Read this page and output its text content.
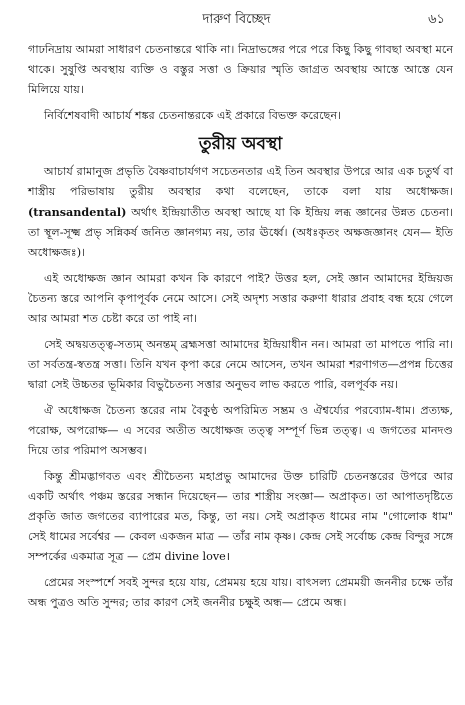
দারুণ বিচ্ছেদ	৬১

গাঢনিদ্রায় আমরা সাধারণ চেতনান্তরে থাকি না। নিদ্রাভঙ্গের পরে পরে কিছু কিছু গাবছা অবস্থা মনে থাকে। সুষুপ্তি অবস্থায় ব্যক্তি ও বস্তুর সত্তা ও ক্রিয়ার স্মৃতি জাগ্রত অবস্থায় আস্তে আস্তে যেন মিলিয়ে যায়।

নির্বিশেষবাদী আচার্য শঙ্কর চেতনান্তরকে এই প্রকারে বিভক্ত করেছেন।

তুরীয় অবস্থা

আচার্য রামানুজ প্রভৃতি বৈষ্ণবাচার্যগণ সচেতনতার এই তিন অবস্থার উপরে আর এক চতুর্থ বা শাস্ত্রীয় পরিভাষায় তুরীয় অবস্থার কথা বলেছেন, তাকে বলা যায় অধোক্ষজ। (transandental) অর্থাৎ ইন্দ্রিয়াতীত অবস্থা আছে যা কি ইন্দ্রিয় লব্ধ জ্ঞানের উন্নত চেতনা। তা স্থূল-সূক্ষ্ম প্রভৃ সন্নিকর্ষ জনিত জ্ঞানগম্য নয়, তার ঊর্ধ্বে। (অধঃকৃতং অক্ষজজ্ঞানং যেন— ইতি অধোক্ষজঃ)।

এই অধোক্ষজ জ্ঞান আমরা কখন কি কারণে পাই? উত্তর হল, সেই জ্ঞান আমাদের ইন্দ্রিয়জ চৈতন্য স্তরে আপনি কৃপাপূর্বক নেমে আসে। সেই অদৃশ্য সত্তার করুণা ধারার প্রবাহ বন্ধ হয়ে গেলে আর আমরা শত চেষ্টা করে তা পাই না।

সেই অদ্বয়তত্ত্ব-সত্যম্ অনন্তম্ ব্রহ্মসত্তা আমাদের ইন্দ্রিয়াধীন নন। আমরা তা মাপতে পারি না। তা সর্বতন্ত্র-স্বতন্ত্র সত্তা। তিনি যখন কৃপা করে নেমে আসেন, তখন আমরা শরণাগত—প্রপন্ন চিত্তের দ্বারা সেই উচ্চতর ভূমিকার বিভুচৈতন্য সত্তার অনুভব লাভ করতে পারি, বলপূর্বক নয়।

ঐ অধোক্ষজ চৈতন্য স্তরের নাম বৈকুণ্ঠ অপরিমিত সম্ভ্রম ও ঐশ্বর্য্যের পরব্যোম-ধাম। প্রত্যক্ষ, পরোক্ষ, অপরোক্ষ— এ সবের অতীত অধোক্ষজ তত্ত্ব সম্পূর্ণ ভিন্ন তত্ত্ব। এ জগতের মানদণ্ড দিয়ে তার পরিমাপ অসম্ভব।

কিন্তু শ্রীমদ্ভাগবত এবং শ্রীচৈতন্য মহাপ্রভু আমাদের উক্ত চারিটি চেতনস্তরের উপরে আর একটি অর্থাৎ পঞ্চম স্তরের সন্ধান দিয়েছেন— তার শাস্ত্রীয় সংজ্ঞা— অপ্রাকৃত। তা আপাতদৃষ্টিতে প্রকৃতি জাত জগতের ব্যাপারের মত, কিন্তু, তা নয়। সেই অপ্রাকৃত ধামের নাম "গোলোক ধাম" সেই ধামের সর্বেশ্বর — কেবল একজন মাত্র — তাঁর নাম কৃষ্ণ। কেন্দ্র সেই সর্বোচ্চ কেন্দ্র বিন্দুর সঙ্গে সম্পর্কের একমাত্র সূত্র — প্রেম divine love।

প্রেমের সংস্পর্শে সবই সুন্দর হয়ে যায়, প্রেমময় হয়ে যায়। বাৎসল্য প্রেমময়ী জননীর চক্ষে তাঁর অন্ধ পুত্রও অতি সুন্দর; তার কারণ সেই জননীর চক্ষুই অন্ধ— প্রেমে অন্ধ।
